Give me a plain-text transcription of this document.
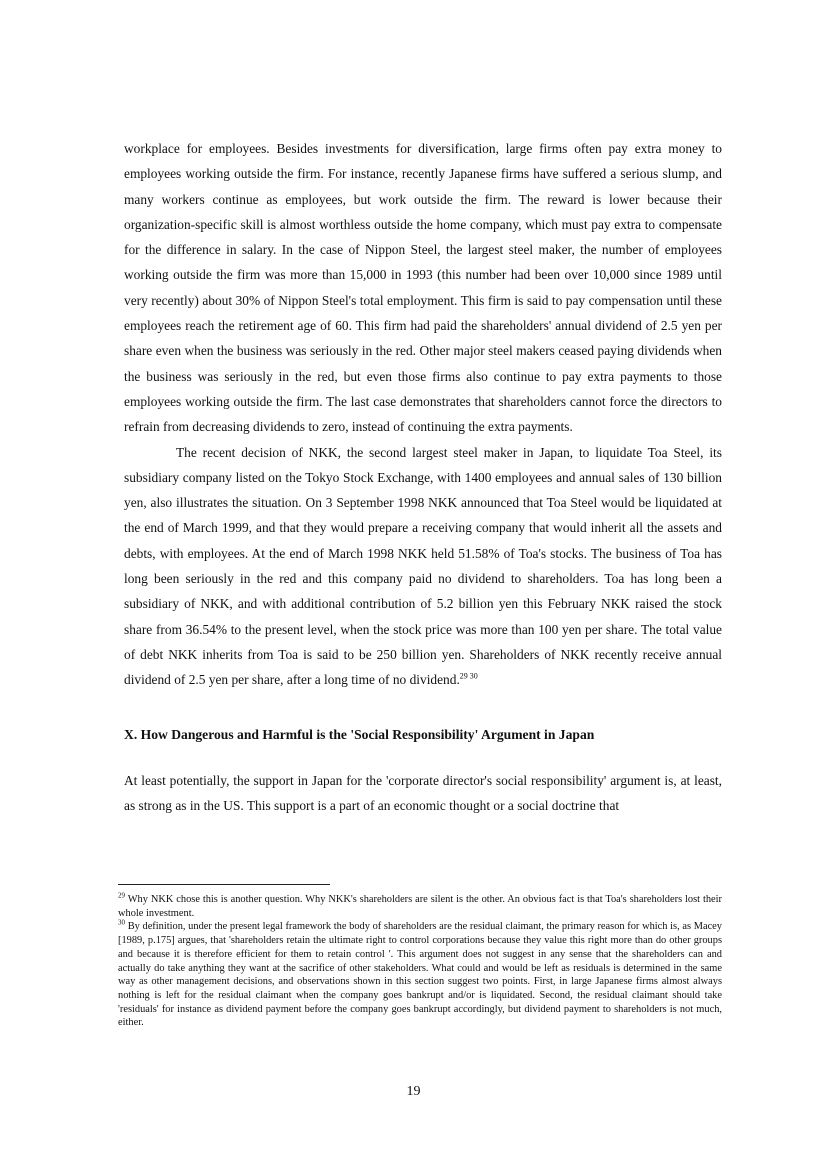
workplace for employees. Besides investments for diversification, large firms often pay extra money to employees working outside the firm. For instance, recently Japanese firms have suffered a serious slump, and many workers continue as employees, but work outside the firm. The reward is lower because their organization-specific skill is almost worthless outside the home company, which must pay extra to compensate for the difference in salary. In the case of Nippon Steel, the largest steel maker, the number of employees working outside the firm was more than 15,000 in 1993 (this number had been over 10,000 since 1989 until very recently) about 30% of Nippon Steel's total employment. This firm is said to pay compensation until these employees reach the retirement age of 60. This firm had paid the shareholders' annual dividend of 2.5 yen per share even when the business was seriously in the red. Other major steel makers ceased paying dividends when the business was seriously in the red, but even those firms also continue to pay extra payments to those employees working outside the firm. The last case demonstrates that shareholders cannot force the directors to refrain from decreasing dividends to zero, instead of continuing the extra payments.

The recent decision of NKK, the second largest steel maker in Japan, to liquidate Toa Steel, its subsidiary company listed on the Tokyo Stock Exchange, with 1400 employees and annual sales of 130 billion yen, also illustrates the situation. On 3 September 1998 NKK announced that Toa Steel would be liquidated at the end of March 1999, and that they would prepare a receiving company that would inherit all the assets and debts, with employees. At the end of March 1998 NKK held 51.58% of Toa's stocks. The business of Toa has long been seriously in the red and this company paid no dividend to shareholders. Toa has long been a subsidiary of NKK, and with additional contribution of 5.2 billion yen this February NKK raised the stock share from 36.54% to the present level, when the stock price was more than 100 yen per share. The total value of debt NKK inherits from Toa is said to be 250 billion yen. Shareholders of NKK recently receive annual dividend of 2.5 yen per share, after a long time of no dividend.$^{29 30}$

X. How Dangerous and Harmful is the 'Social Responsibility' Argument in Japan

At least potentially, the support in Japan for the 'corporate director's social responsibility' argument is, at least, as strong as in the US. This support is a part of an economic thought or a social doctrine that

$^{29}$ Why NKK chose this is another question. Why NKK's shareholders are silent is the other. An obvious fact is that Toa's shareholders lost their whole investment.

$^{30}$ By definition, under the present legal framework the body of shareholders are the residual claimant, the primary reason for which is, as Macey [1989, p.175] argues, that 'shareholders retain the ultimate right to control corporations because they value this right more than do other groups and because it is therefore efficient for them to retain control '. This argument does not suggest in any sense that the shareholders can and actually do take anything they want at the sacrifice of other stakeholders. What could and would be left as residuals is determined in the same way as other management decisions, and observations shown in this section suggest two points. First, in large Japanese firms almost always nothing is left for the residual claimant when the company goes bankrupt and/or is liquidated. Second, the residual claimant should take 'residuals' for instance as dividend payment before the company goes bankrupt accordingly, but dividend payment to shareholders is not much, either.

19
